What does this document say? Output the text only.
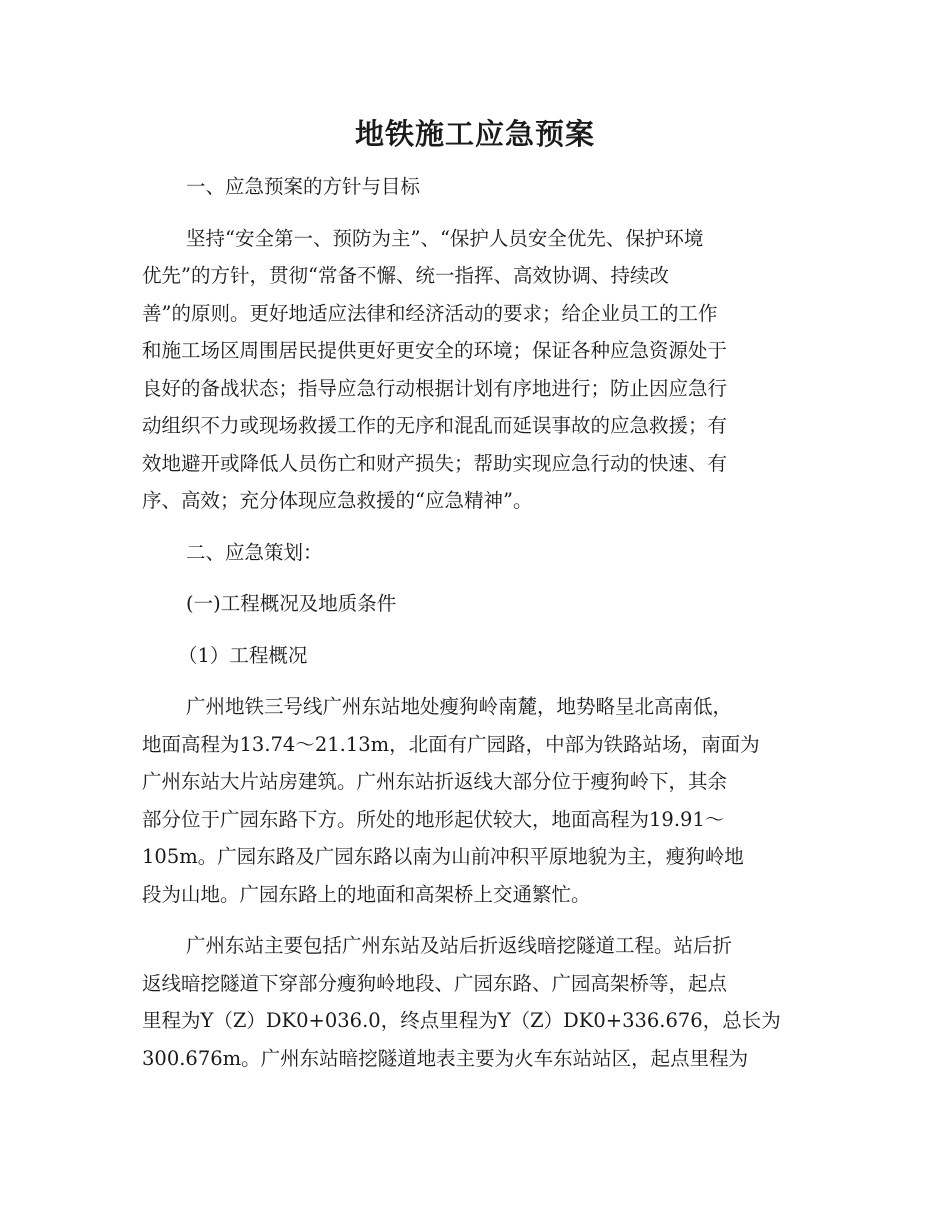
地铁施工应急预案

一、应急预案的方针与目标

坚持“安全第一、预防为主”、“保护人员安全优先、保护环境

优先”的方针，贯彻“常备不懈、统一指挥、高效协调、持续改

善”的原则。更好地适应法律和经济活动的要求；给企业员工的工作

和施工场区周围居民提供更好更安全的环境；保证各种应急资源处于

良好的备战状态；指导应急行动根据计划有序地进行；防止因应急行

动组织不力或现场救援工作的无序和混乱而延误事故的应急救援；有

效地避开或降低人员伤亡和财产损失；帮助实现应急行动的快速、有

序、高效；充分体现应急救援的“应急精神”。

二、应急策划：

(一)工程概况及地质条件

（1）工程概况

广州地铁三号线广州东站地处瘦狗岭南麓，地势略呈北高南低，

地面高程为13.74～21.13m，北面有广园路，中部为铁路站场，南面为

广州东站大片站房建筑。广州东站折返线大部分位于瘦狗岭下，其余

部分位于广园东路下方。所处的地形起伏较大，地面高程为19.91～

105m。广园东路及广园东路以南为山前冲积平原地貌为主，瘦狗岭地

段为山地。广园东路上的地面和高架桥上交通繁忙。

广州东站主要包括广州东站及站后折返线暗挖隧道工程。站后折

返线暗挖隧道下穿部分瘦狗岭地段、广园东路、广园高架桥等，起点

里程为Y（Z）DK0+036.0，终点里程为Y（Z）DK0+336.676，总长为

300.676m。广州东站暗挖隧道地表主要为火车东站站区，起点里程为
